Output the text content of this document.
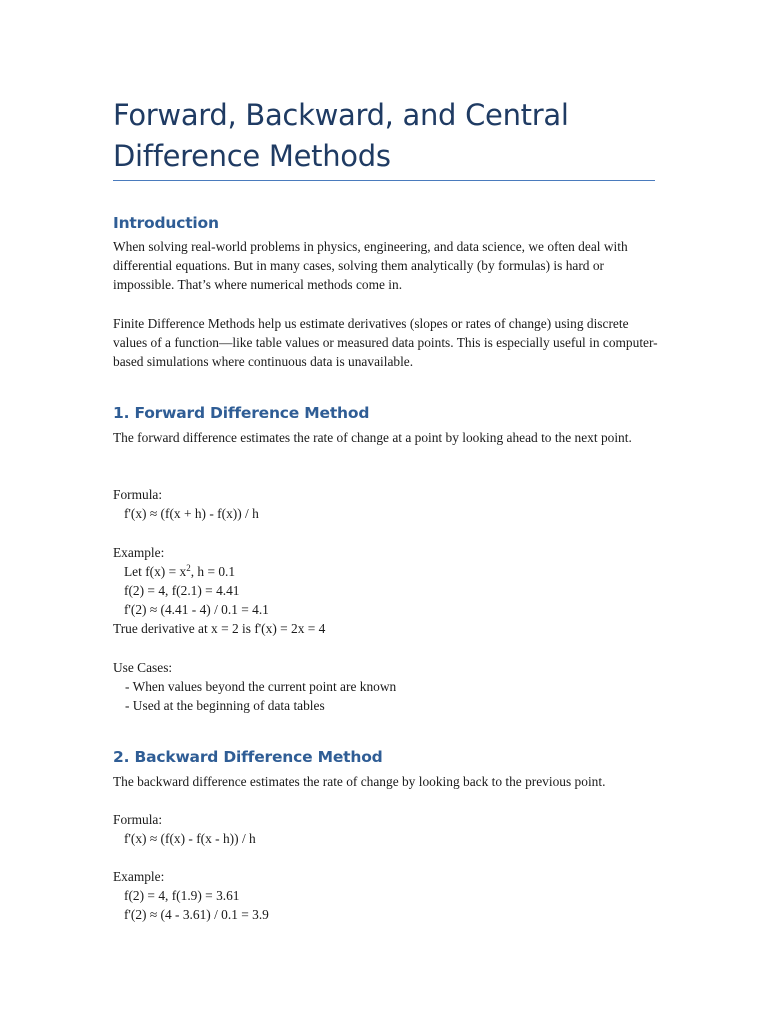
Forward, Backward, and Central Difference Methods
Introduction

When solving real-world problems in physics, engineering, and data science, we often deal with differential equations. But in many cases, solving them analytically (by formulas) is hard or impossible. That’s where numerical methods come in.

Finite Difference Methods help us estimate derivatives (slopes or rates of change) using discrete values of a function—like table values or measured data points. This is especially useful in computer-based simulations where continuous data is unavailable.

1. Forward Difference Method

The forward difference estimates the rate of change at a point by looking ahead to the next point.

Formula:
f'(x) ≈ (f(x + h) - f(x)) / h
Example:
Let $f(x) = x^2$, h = 0.1
f(2) = 4, f(2.1) = 4.41
f'(2) ≈ (4.41 - 4) / 0.1 = 4.1
True derivative at x = 2 is f'(x) = 2x = 4
Use Cases:
- When values beyond the current point are known
- Used at the beginning of data tables
2. Backward Difference Method

The backward difference estimates the rate of change by looking back to the previous point.

Formula:
f'(x) ≈ (f(x) - f(x - h)) / h
Example:
f(2) = 4, f(1.9) = 3.61
f'(2) ≈ (4 - 3.61) / 0.1 = 3.9
